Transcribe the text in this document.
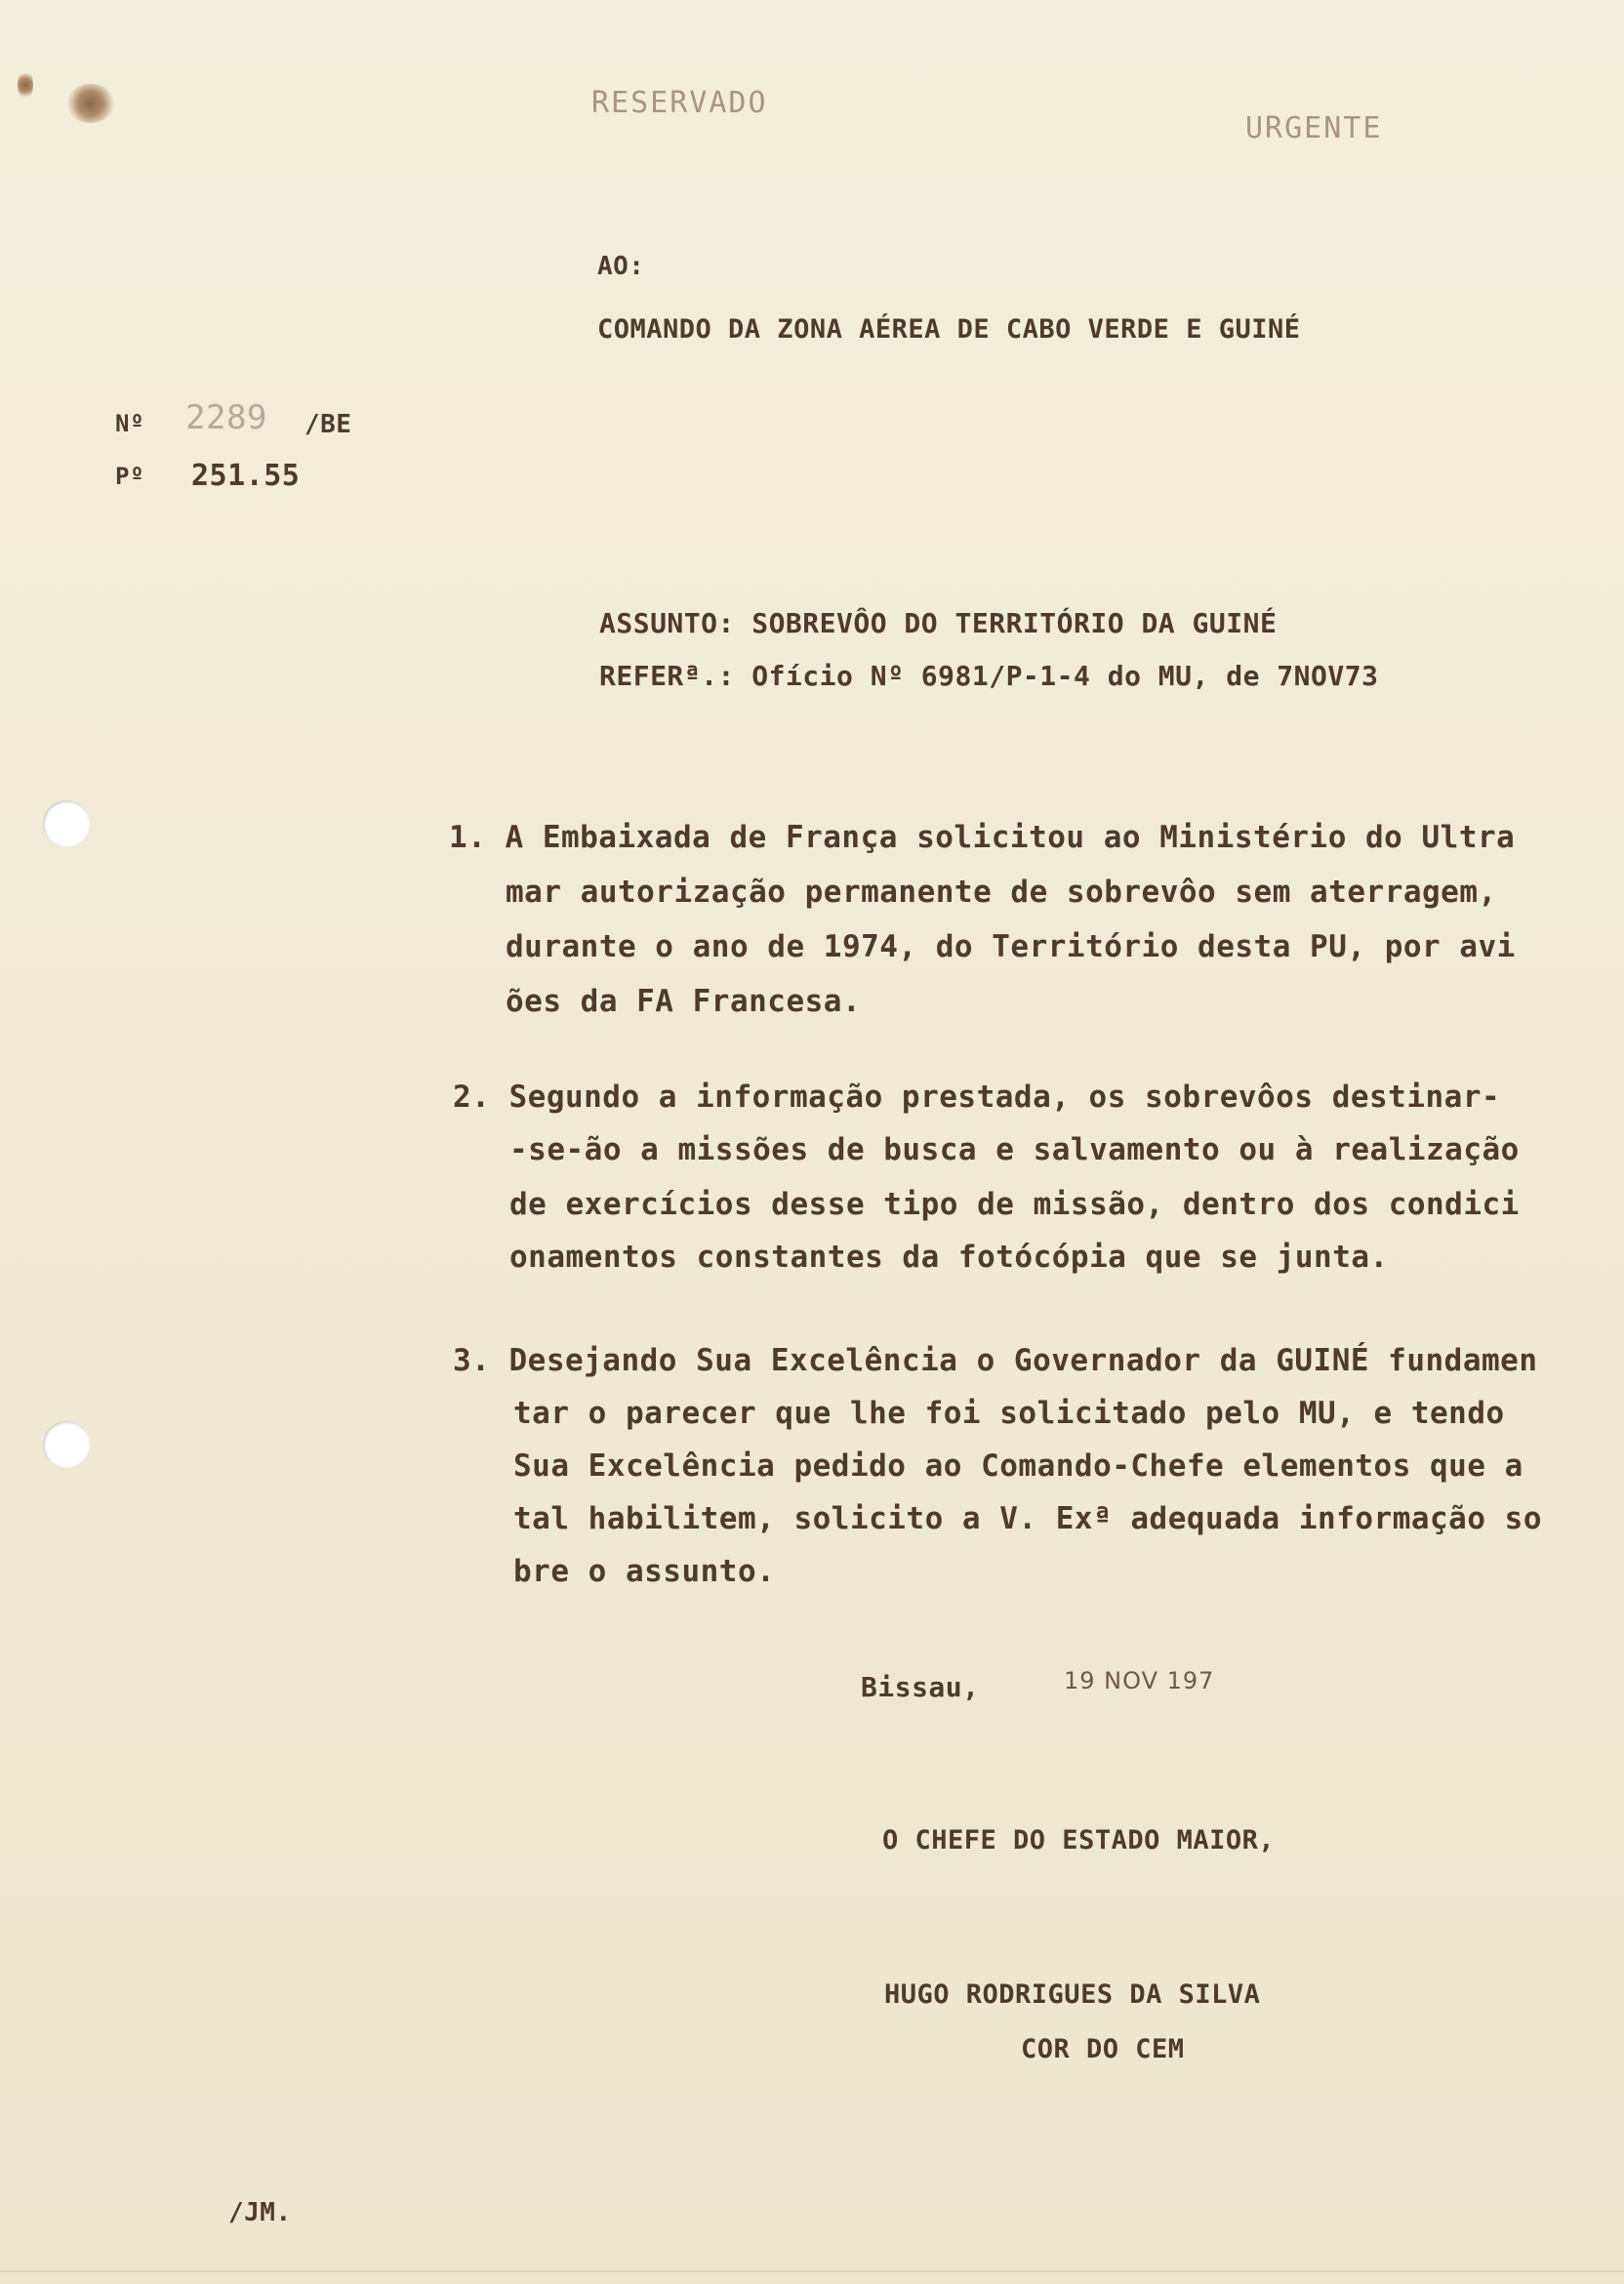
RESERVADO
URGENTE
AO:
COMANDO DA ZONA AÉREA DE CABO VERDE E GUINÉ
Nº 2289 /BE
Pº 251.55
ASSUNTO: SOBREVÔO DO TERRITÓRIO DA GUINÉ
REFERª.: Ofício Nº 6981/P-1-4 do MU, de 7NOV73
1. A Embaixada de França solicitou ao Ministério do Ultra
mar autorização permanente de sobrevôo sem aterragem,
durante o ano de 1974, do Território desta PU, por avi
ões da FA Francesa.
2. Segundo a informação prestada, os sobrevôos destinar-
-se-ão a missões de busca e salvamento ou à realização
de exercícios desse tipo de missão, dentro dos condici
onamentos constantes da fotócópia que se junta.
3. Desejando Sua Excelência o Governador da GUINÉ fundamen
tar o parecer que lhe foi solicitado pelo MU, e tendo
Sua Excelência pedido ao Comando-Chefe elementos que a
tal habilitem, solicito a V. Exª adequada informação so
bre o assunto.
Bissau,	19 NOV 197
O CHEFE DO ESTADO MAIOR,
HUGO RODRIGUES DA SILVA
COR DO CEM
/JM.
